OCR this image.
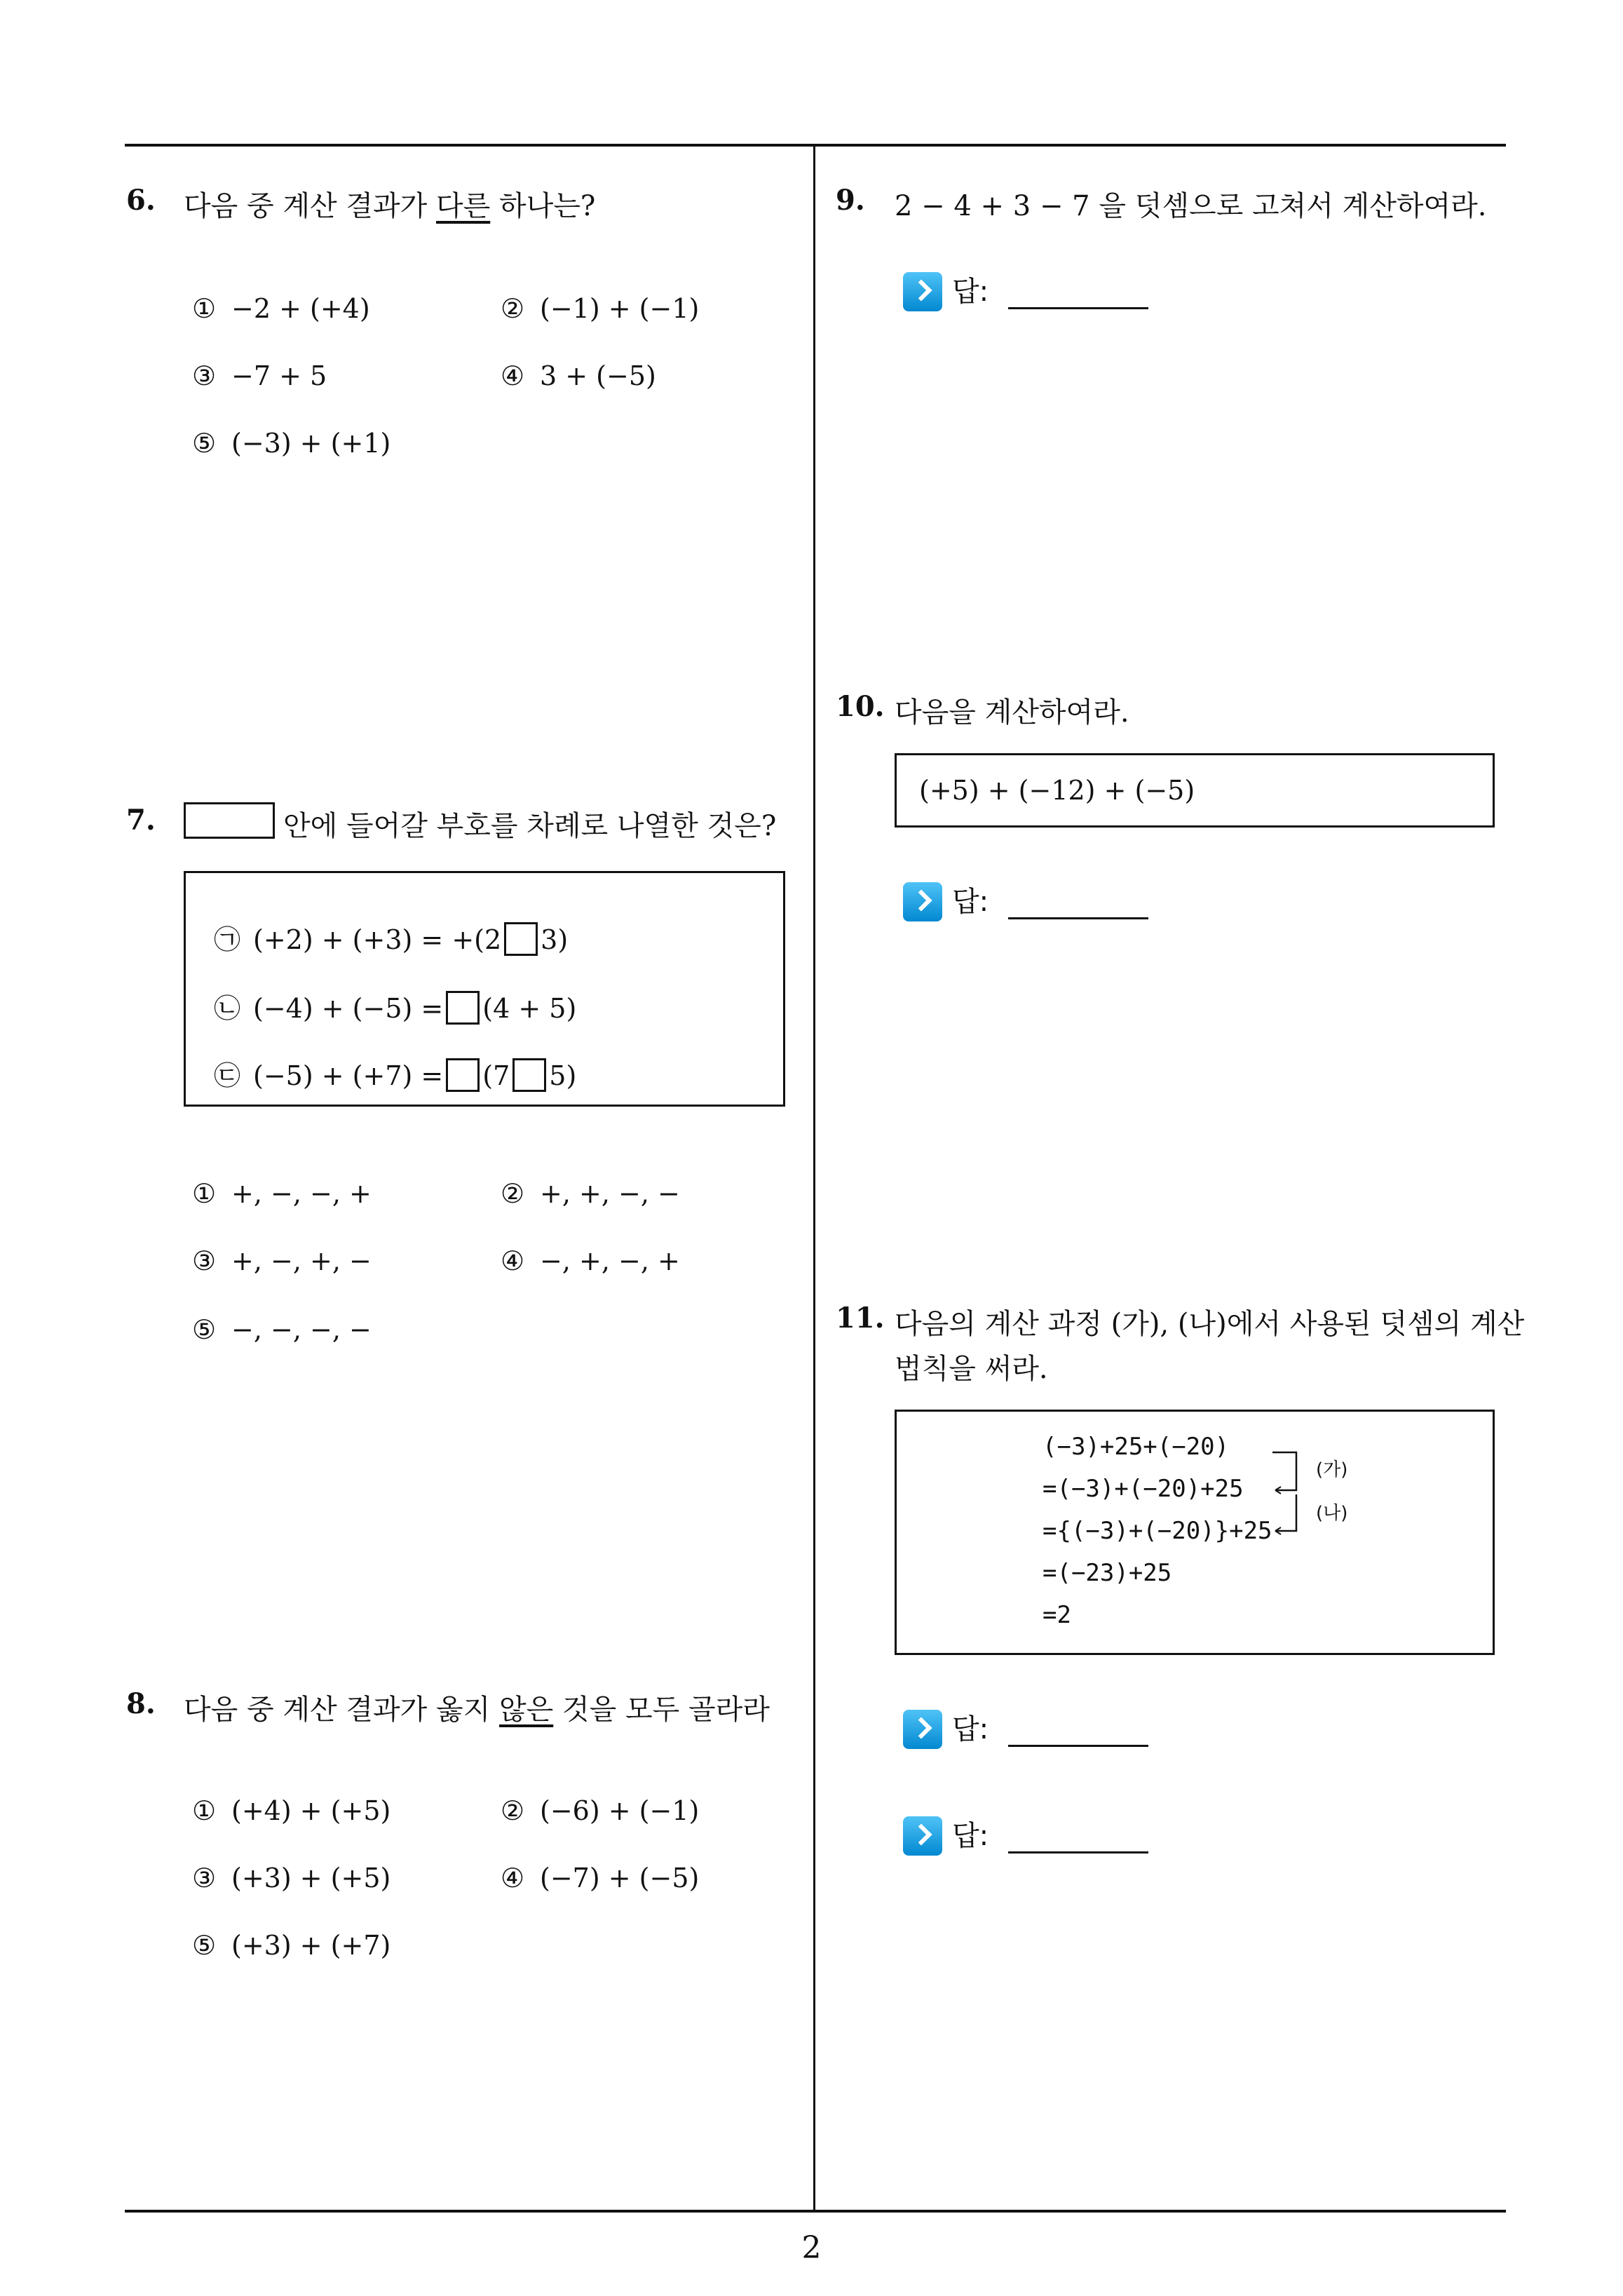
6. 다음 중 계산 결과가 다른 하나는?
① −2 + (+4)	② (−1) + (−1)
③ −7 + 5	④ 3 + (−5)
⑤ (−3) + (+1)
7.	안에 들어갈 부호를 차례로 나열한 것은?
㉠ (+2) + (+3) = +(2 3)
㉡ (−4) + (−5) = (4 + 5)
㉢ (−5) + (+7) = (7 5)
① +, −, −, +	② +, +, −, −
③ +, −, +, −	④ −, +, −, +
⑤ −, −, −, −
8. 다음 중 계산 결과가 옳지 않은 것을 모두 골라라
① (+4) + (+5)	② (−6) + (−1)
③ (+3) + (+5)	④ (−7) + (−5)
⑤ (+3) + (+7)
9. 2 − 4 + 3 − 7 을 덧셈으로 고쳐서 계산하여라.
답:
10. 다음을 계산하여라.
(+5) + (−12) + (−5)
답:
11. 다음의 계산 과정 (가), (나)에서 사용된 덧셈의 계산
법칙을 써라.
(−3)+25+(−20)
=(−3)+(−20)+25
={(−3)+(−20)}+25
=(−23)+25
=2
(가)
(나)
답:
답:
2
